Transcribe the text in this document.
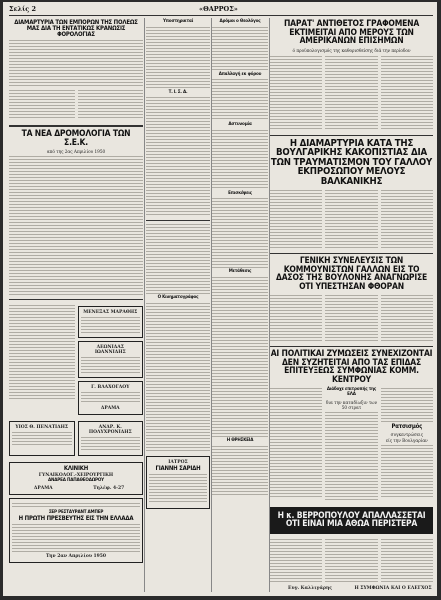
Σελίς 2	«ΘΑΡΡΟΣ»
ΔΙΑΜΑΡΤΥΡΙΑ ΤΩΝ ΕΜΠΟΡΩΝ ΤΗΣ ΠΟΛΕΩΣ ΜΑΣ ΔΙΑ ΤΗ ΕΝΤΑΤΙΚΩΣ ΚΡΑΝΩΣΙΣ ΦΟΡΟΛΟΓΙΑΣ
ΤΑ ΝΕΑ ΔΡΟΜΟΛΟΓΙΑ ΤΩΝ Σ.Ε.Κ.
από της 2ας Απριλίου 1950
ΜΕΝΕΞΑΣ ΜΑΡΑΘΗΣ
ΛΕΩΝΙΔΑΣ ΙΩΑΝΝΙΔΗΣ
Γ. ΒΛΑΧΟΓΛΟΥ
ΔΡΑΜΑ
ΥΙΟΣ Θ. ΠΕΝΑΤΙΔΗΣ	ΑΝΔΡ. Κ. ΠΟΛΥΧΡΟΝΙΔΗΣ
ΚΛΙΝΙΚΗ
ΓΥΝΑΙΚΟΛΟΓ.-ΧΕΙΡΟΥΡΓΙΚΗ
ΑΝΔΡΕΑ ΠΑΠΑΘΕΟΔΩΡΟΥ
ΔΡΑΜΑ	Τηλέφ. 4-27
ΣΕΡ ΡΕΣΤΑΥΡΑΝΤ ΑΜΠΕΡ
Η ΠΡΩΤΗ ΠΡΕΣΒΕΥΤΗΣ ΕΙΣ ΤΗΝ ΕΛΛΑΔΑ
Την 2αν Απριλίου 1950
Υποστηρικταί
Τ. Ι. Σ. Α.
Ο Κινηματογράφος
ΙΑΤΡΟΣ
ΓΙΑΝΝΗ ΣΑΡΙΔΗ
Δρόμοι ο Θεολόγος
Απαλλαγή εκ φόρου
Αστυνομία
Επισκέψεις
Μετάθεσις
Η ΘΡΗΣΚΕΙΑ
ΠΑΡΑΤ' ΑΝΤΙΘΕΤΟΣ ΓΡΑΦΟΜΕΝΑ ΕΚΤΙΜΕΙΤΑΙ ΑΠΟ ΜΕΡΟΥΣ ΤΩΝ ΑΜΕΡΙΚΑΝΩΝ ΕΠΙΣΗΜΩΝ
ό προϋπολογισμός της καθορισθείσης διά την περίοδον
Η ΔΙΑΜΑΡΤΥΡΙΑ ΚΑΤΑ ΤΗΣ ΒΟΥΛΓΑΡΙΚΗΣ ΚΑΚΟΠΙΣΤΙΑΣ ΔΙΑ ΤΩΝ ΤΡΑΥΜΑΤΙΣΜΟΝ ΤΟΥ ΓΑΛΛΟΥ ΕΚΠΡΟΣΩΠΟΥ ΜΕΛΟΥΣ ΒΑΛΚΑΝΙΚΗΣ
ΓΕΝΙΚΗ ΣΥΝΕΛΕΥΣΙΣ ΤΩΝ ΚΟΜΜΟΥΝΙΣΤΩΝ ΓΑΛΛΩΝ ΕΙΣ ΤΟ ΔΑΣΟΣ ΤΗΣ ΒΟΥΛΟΝΗΣ ΑΝΑΓΝΩΡΙΣΕ ΟΤΙ ΥΠΕΣΤΗΣΑΝ ΦΘΟΡΑΝ
ΑΙ ΠΟΛΙΤΙΚΑΙ ΖΥΜΩΣΕΙΣ ΣΥΝΕΧΙΖΟΝΤΑΙ ΔΕΝ ΣΥΖΗΤΕΙΤΑΙ ΑΠΟ ΤΑΣ ΕΠΙΔΑΣ ΕΠΙΤΕΥΞΕΩΣ ΣΥΜΦΩΝΙΑΣ ΚΟΜΜ. ΚΕΝΤΡΟΥ
Διάδοχε επιτροπής της ΕΛΑ
δια την καταδίωξιν των 50 στρατ
Ρατσισμός
συγκεντρώσεις
είς την Βουλγαρίαν
Η κ. ΒΕΡΡΟΠΟΥΛΟΥ ΑΠΑΛΛΑΣΣΕΤΑΙ ΟΤΙ ΕΙΝΑΙ ΜΙΑ ΑΘΩΑ ΠΕΡΙΣΤΕΡΑ
Ευγ. Καλλιγάρης	Η ΣΥΜΦΩΝΙΑ ΚΑΙ Ο ΕΛΕΓΧΟΣ
